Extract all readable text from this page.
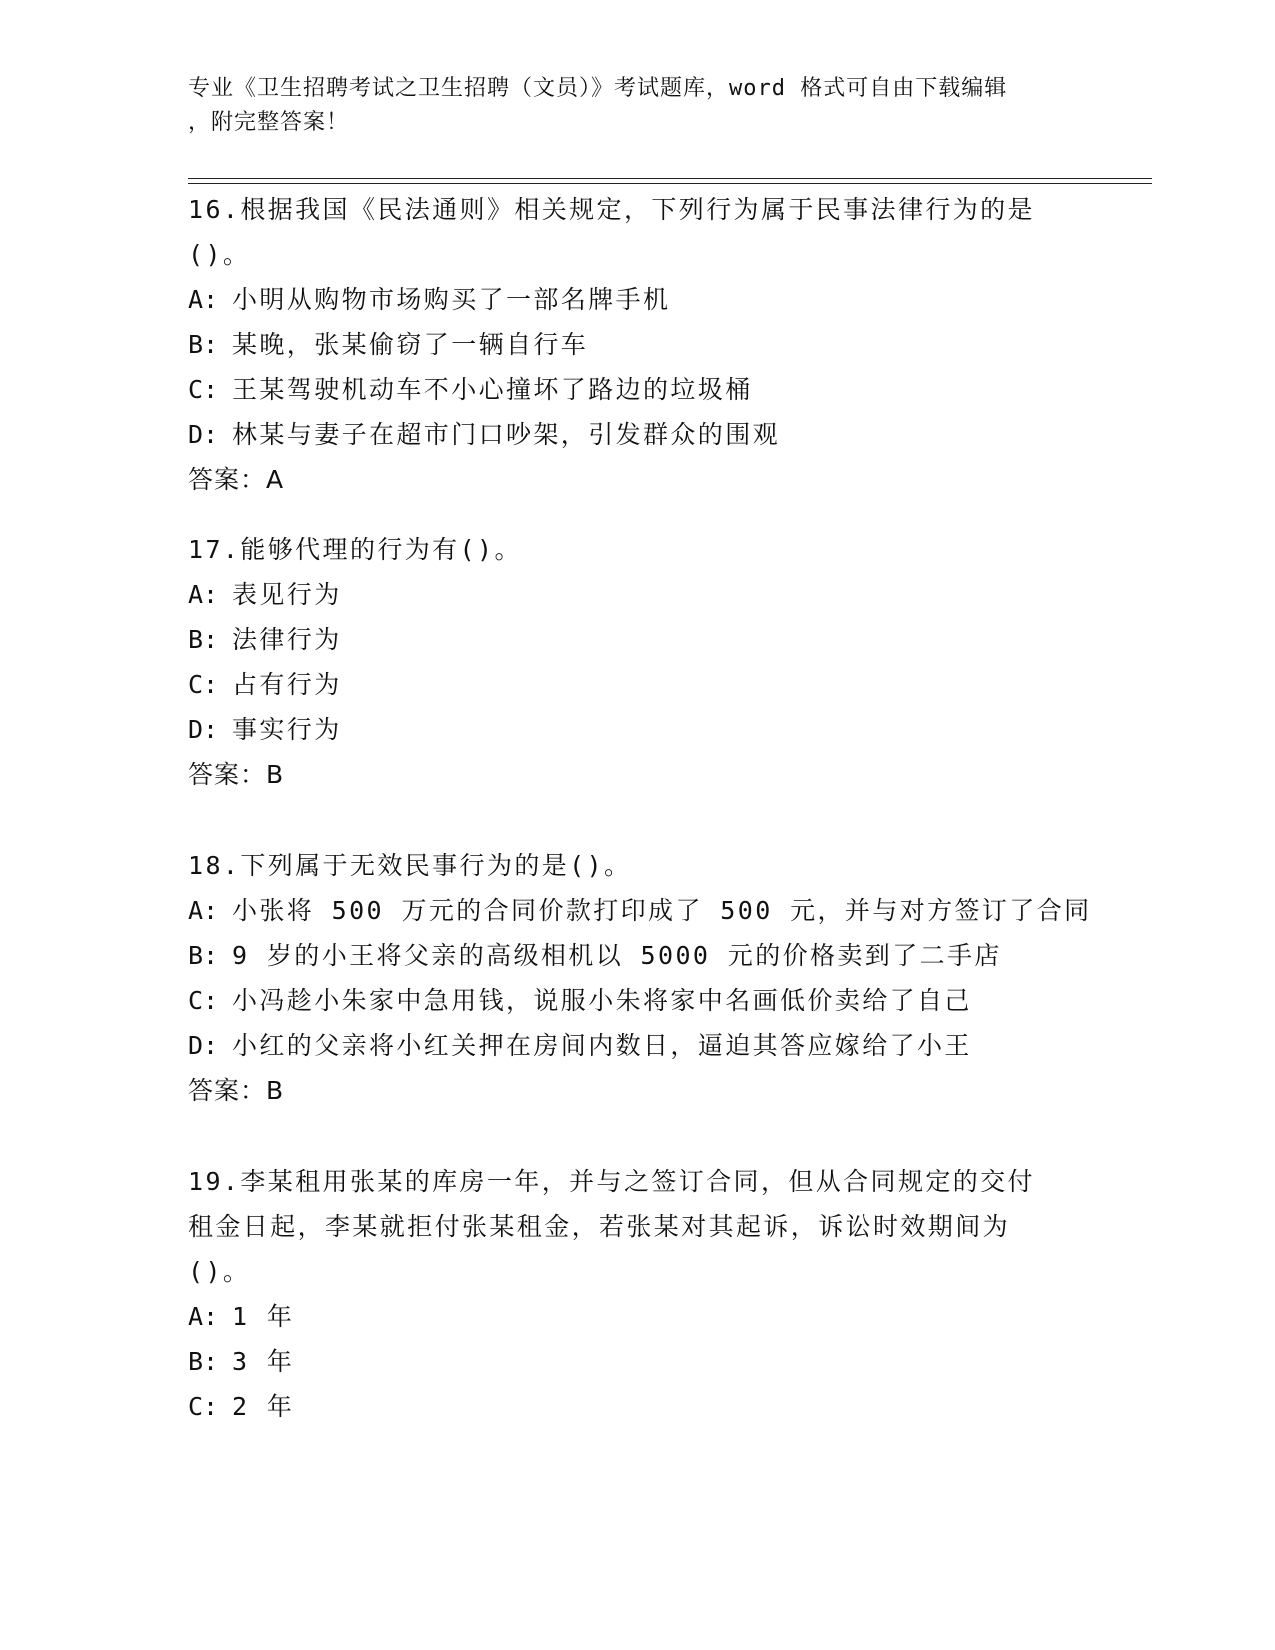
专业《卫生招聘考试之卫生招聘（文员）》考试题库，word 格式可自由下载编辑
，附完整答案！
16.根据我国《民法通则》相关规定，下列行为属于民事法律行为的是
()。
A: 小明从购物市场购买了一部名牌手机
B: 某晚，张某偷窃了一辆自行车
C: 王某驾驶机动车不小心撞坏了路边的垃圾桶
D: 林某与妻子在超市门口吵架，引发群众的围观
答案：A
17.能够代理的行为有()。
A: 表见行为
B: 法律行为
C: 占有行为
D: 事实行为
答案：B
18.下列属于无效民事行为的是()。
A: 小张将 500 万元的合同价款打印成了 500 元，并与对方签订了合同
B: 9 岁的小王将父亲的高级相机以 5000 元的价格卖到了二手店
C: 小冯趁小朱家中急用钱，说服小朱将家中名画低价卖给了自己
D: 小红的父亲将小红关押在房间内数日，逼迫其答应嫁给了小王
答案：B
19.李某租用张某的库房一年，并与之签订合同，但从合同规定的交付
租金日起，李某就拒付张某租金，若张某对其起诉，诉讼时效期间为
()。
A: 1 年
B: 3 年
C: 2 年
